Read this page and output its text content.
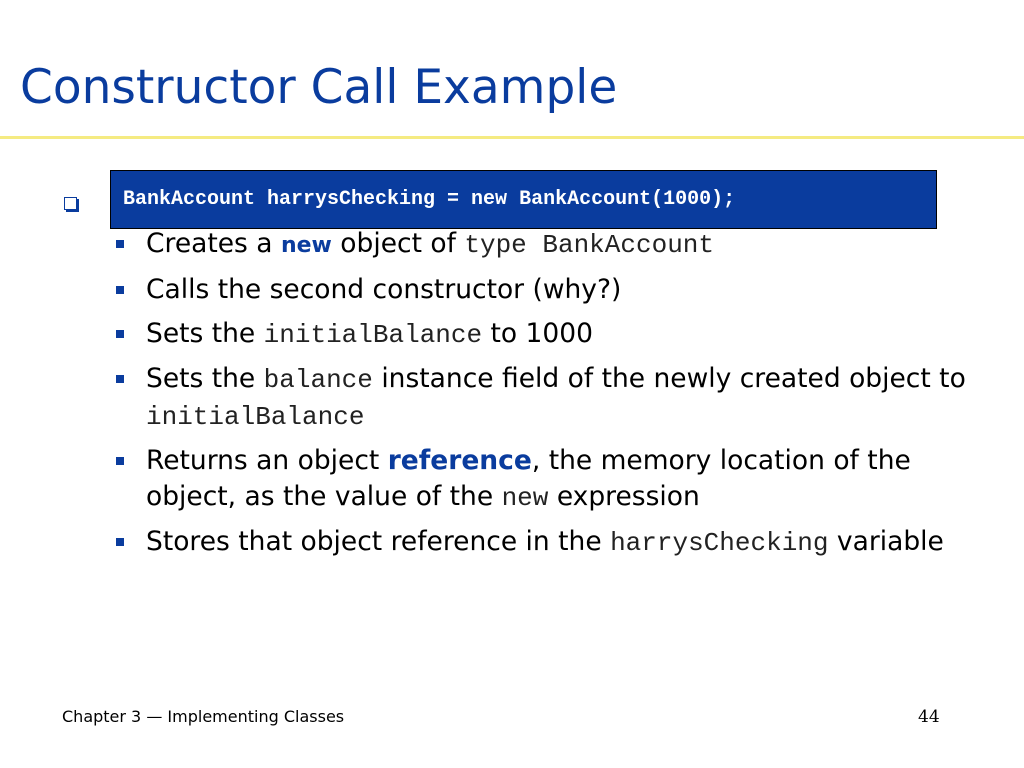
Constructor Call Example
BankAccount harrysChecking = new BankAccount(1000);
Creates a new object of type BankAccount
Calls the second constructor (why?)
Sets the initialBalance to 1000
Sets the balance instance field of the newly created object to initialBalance
Returns an object reference, the memory location of the object, as the value of the new expression
Stores that object reference in the harrysChecking variable
Chapter 3 — Implementing Classes	44
